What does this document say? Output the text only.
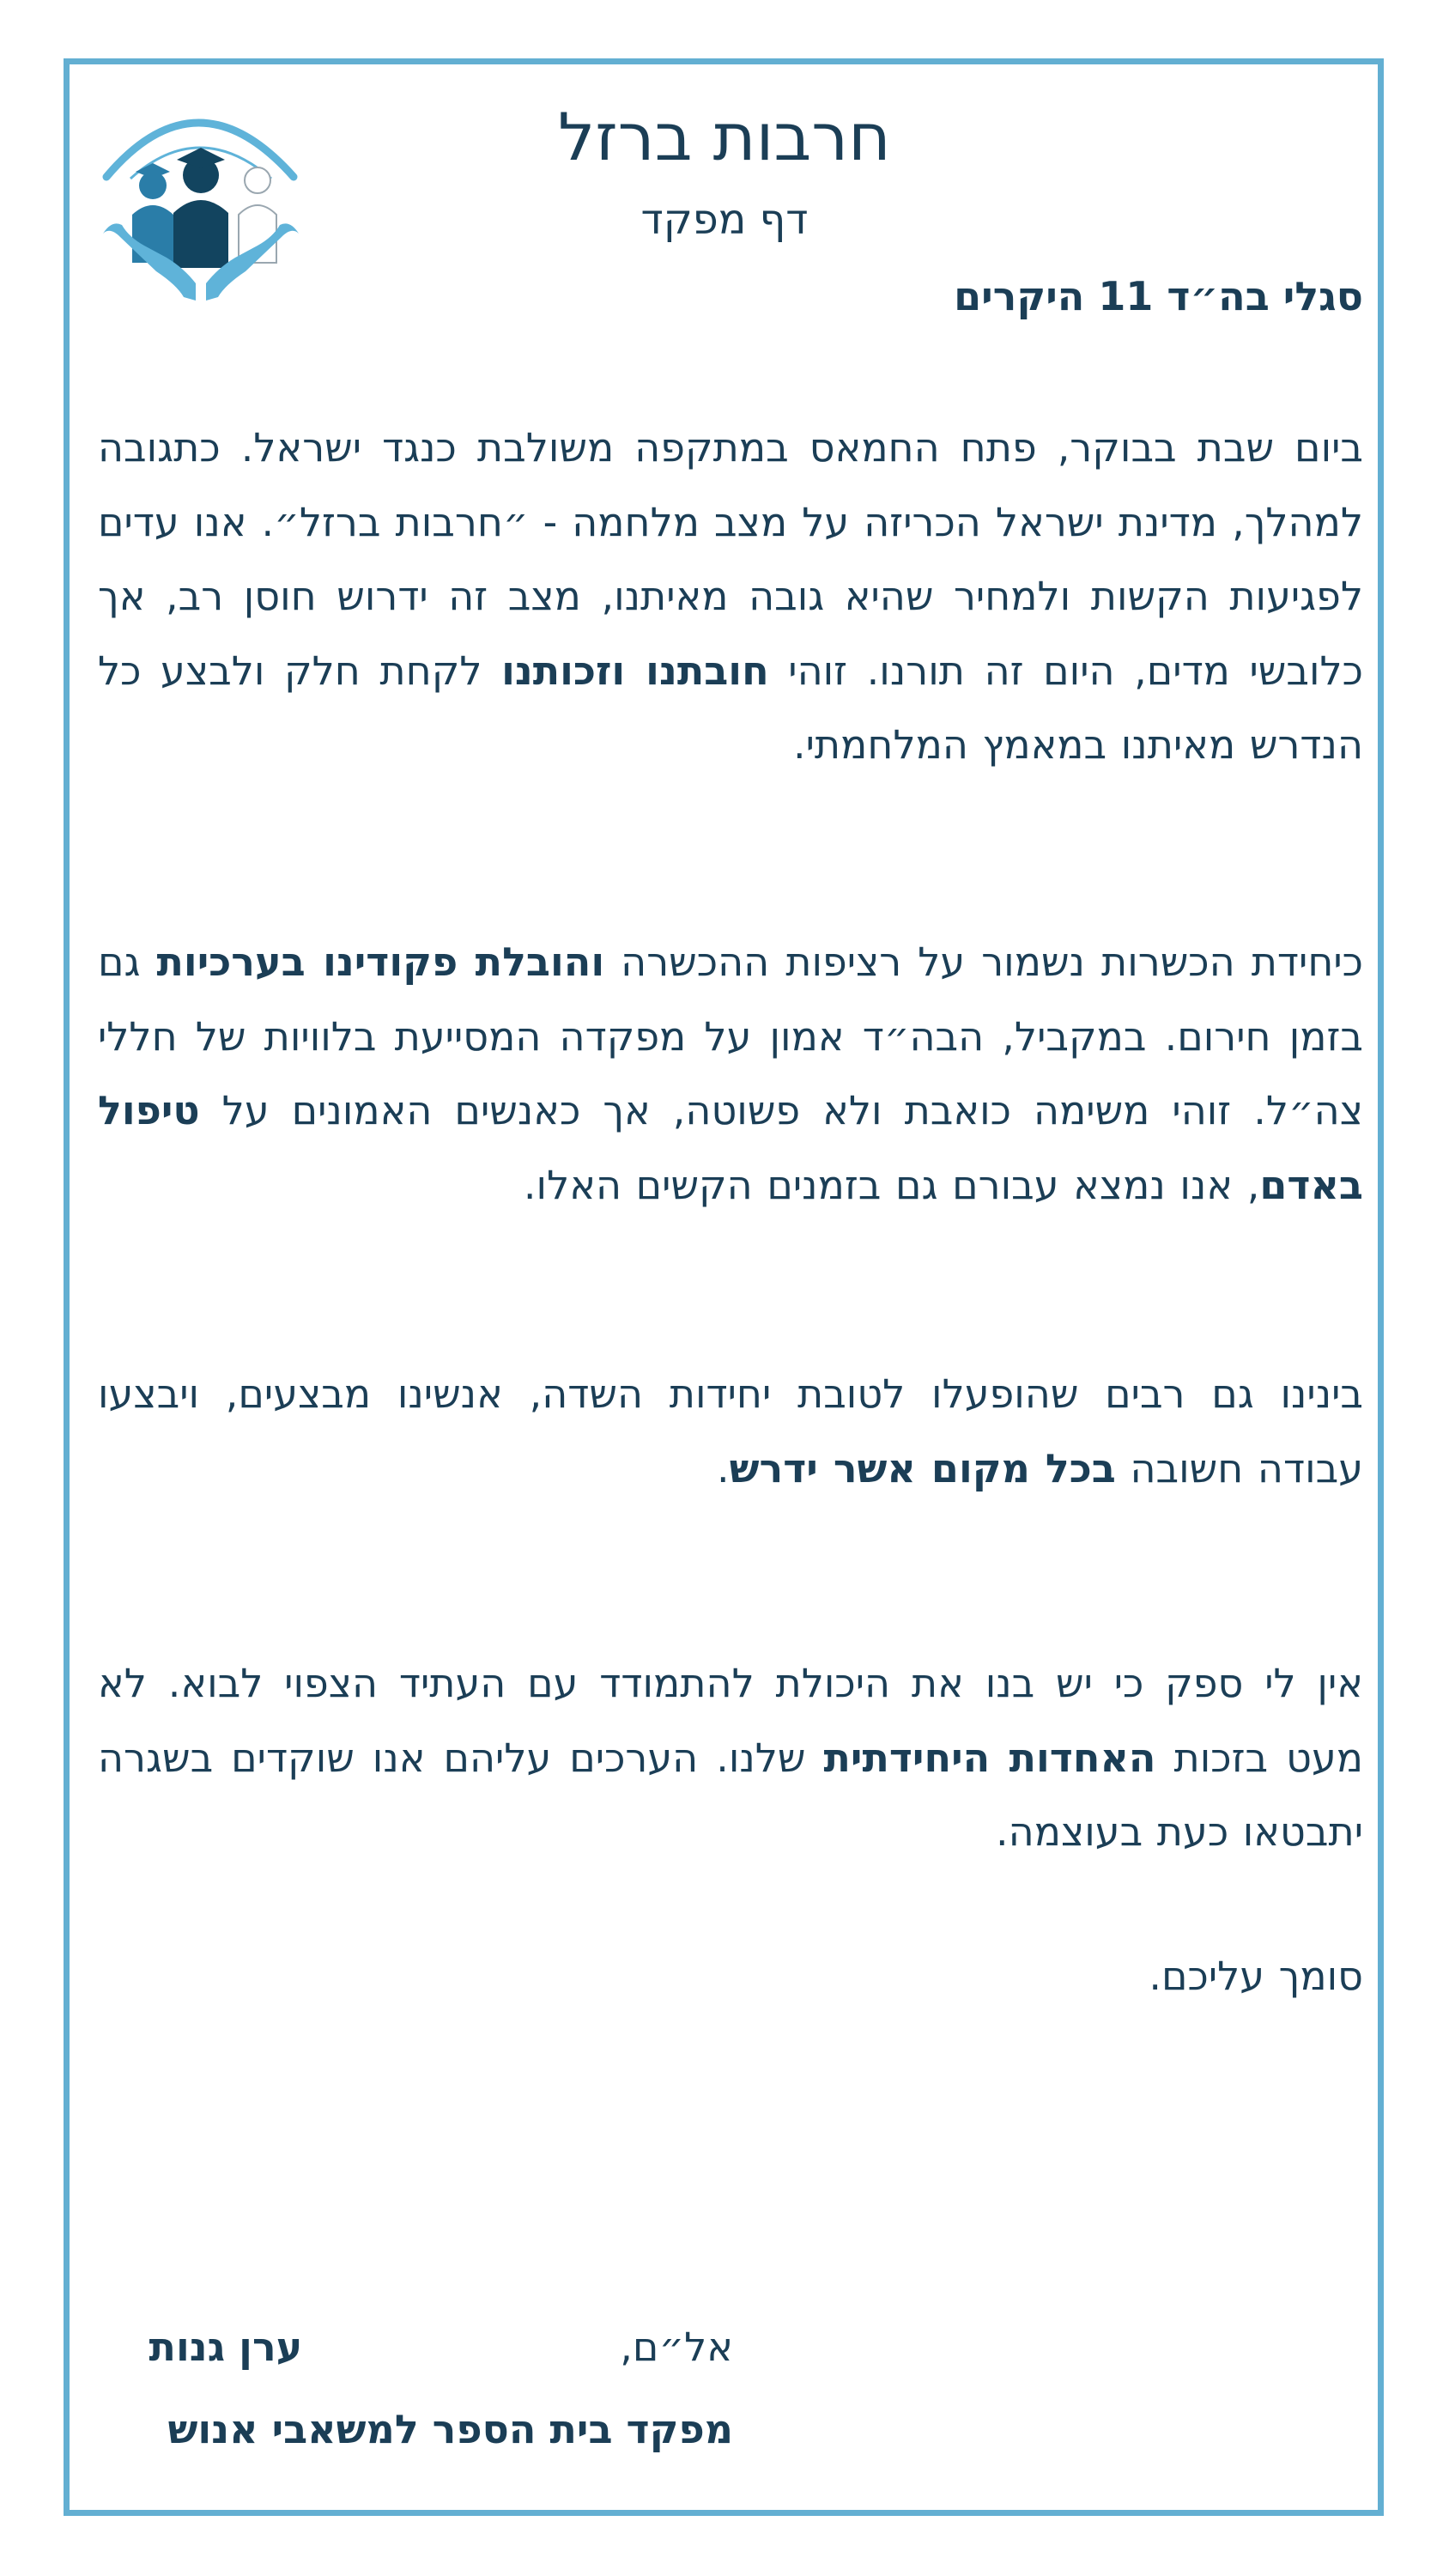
חרבות ברזל

דף מפקד

סגלי בה״ד 11 היקרים

ביום שבת בבוקר, פתח החמאס במתקפה משולבת כנגד ישראל. כתגובה למהלך, מדינת ישראל הכריזה על מצב מלחמה - ״חרבות ברזל״. אנו עדים לפגיעות הקשות ולמחיר שהיא גובה מאיתנו, מצב זה ידרוש חוסן רב, אך כלובשי מדים, היום זה תורנו. זוהי חובתנו וזכותנו לקחת חלק ולבצע כל הנדרש מאיתנו במאמץ המלחמתי.

כיחידת הכשרות נשמור על רציפות ההכשרה והובלת פקודינו בערכיות גם בזמן חירום. במקביל, הבה״ד אמון על מפקדה המסייעת בלוויות של חללי צה״ל. זוהי משימה כואבת ולא פשוטה, אך כאנשים האמונים על טיפול באדם, אנו נמצא עבורם גם בזמנים הקשים האלו.

בינינו גם רבים שהופעלו לטובת יחידות השדה, אנשינו מבצעים, ויבצעו עבודה חשובה בכל מקום אשר ידרש.

אין לי ספק כי יש בנו את היכולת להתמודד עם העתיד הצפוי לבוא. לא מעט בזכות האחדות היחידתית שלנו. הערכים עליהם אנו שוקדים בשגרה יתבטאו כעת בעוצמה.

סומך עליכם.

אל״ם,ערן גנות

מפקד בית הספר למשאבי אנוש
